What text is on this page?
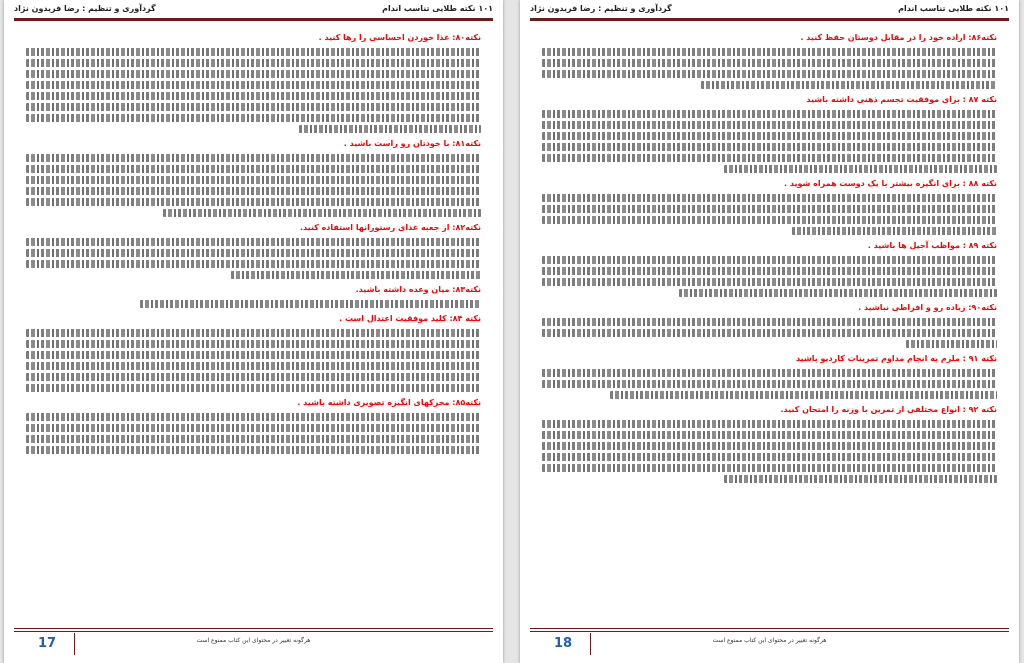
۱۰۱ نکته طلایی تناسب اندام
گردآوری و تنظیم : رضا فریدون نژاد
نکته۸۰: غذا خوردن احساسی را رها کنید .
نکته۸۱: با خودتان رو راست باشید .
نکته۸۲: از جعبه غذای رستورانها استفاده کنید.
نکته۸۳: میان وعده داشته باشید.
نکته ۸۴: کلید موفقیت اعتدال است .
نکته۸۵: محرکهای انگیزه تصویری داشته باشید .
17	هرگونه تغییر در محتوای این کتاب ممنوع است
۱۰۱ نکته طلایی تناسب اندام
گردآوری و تنظیم : رضا فریدون نژاد
نکته۸۶: اراده خود را در مقابل دوستان حفظ کنید .
نکته ۸۷ : برای موفقیت تجسم ذهنی داشته باشید
نکته ۸۸ : برای انگیزه بیشتر با یک دوست همراه شوید .
نکته ۸۹ : مواظب آجیل ها باشید .
نکته۹۰: زیاده رو و افراطی نباشید .
نکته ۹۱ : ملزم به انجام مداوم تمرینات کاردیو باشید
نکته ۹۲ : انواع مختلفی از تمرین با وزنه را امتحان کنید.
18	هرگونه تغییر در محتوای این کتاب ممنوع است
